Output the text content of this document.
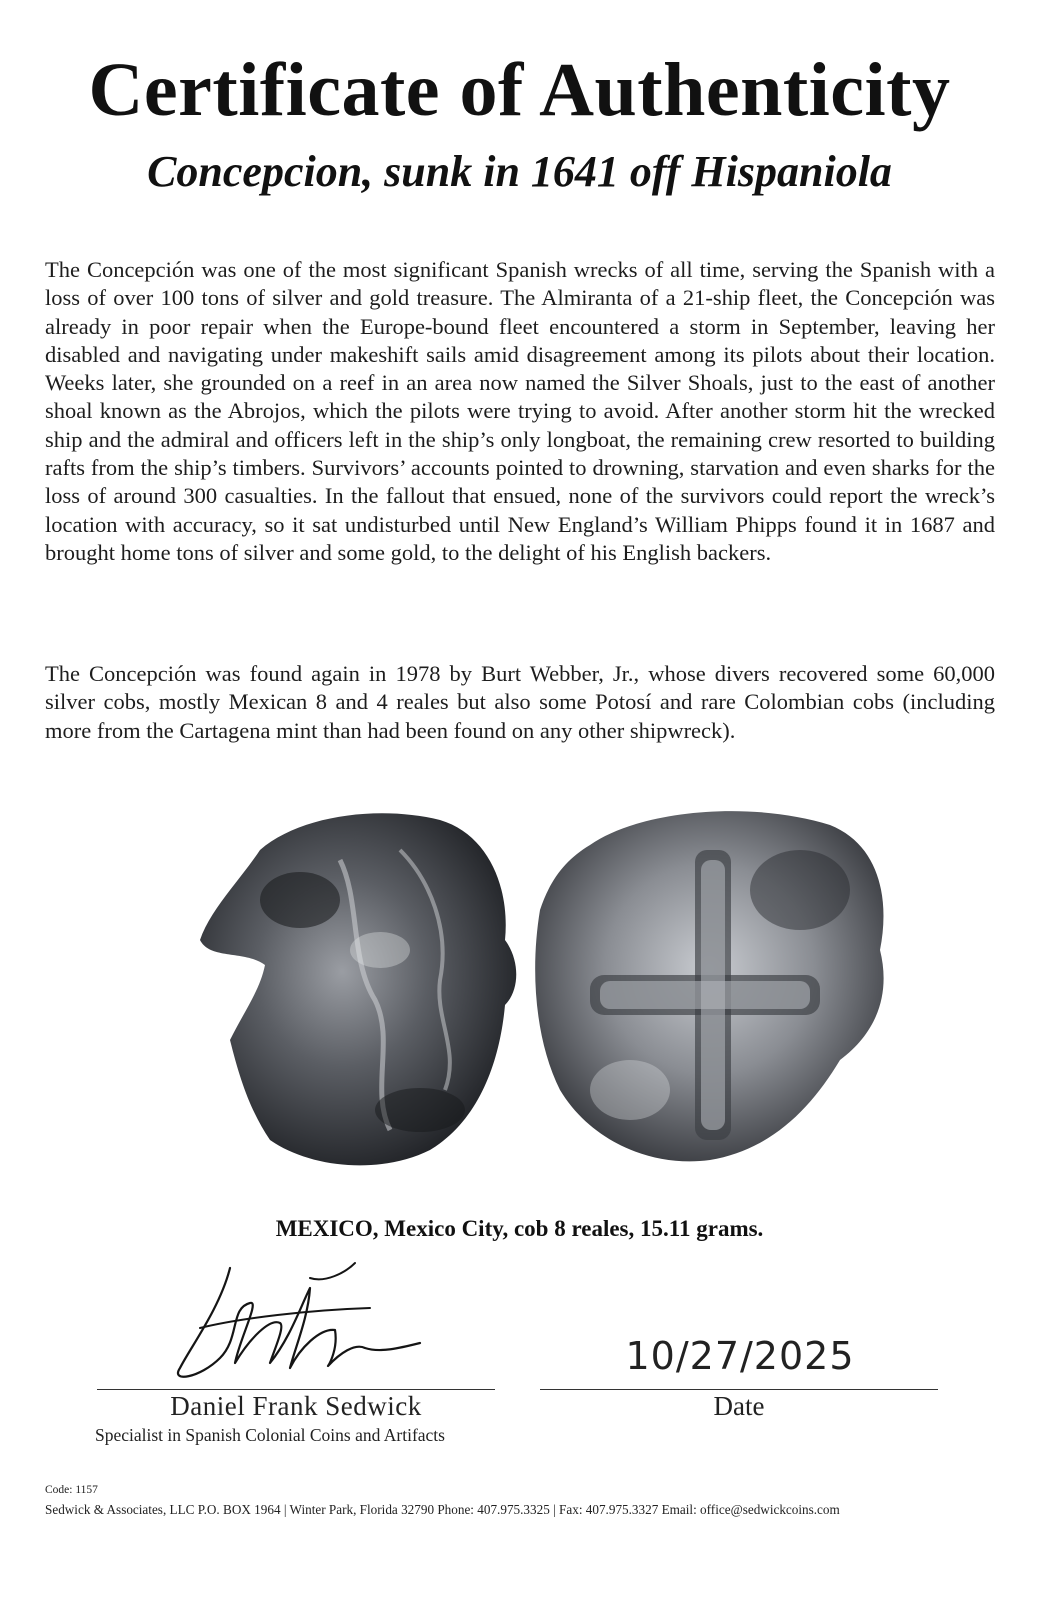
Certificate of Authenticity
Concepcion, sunk in 1641 off Hispaniola

The Concepción was one of the most significant Spanish wrecks of all time, serving the Spanish with a loss of over 100 tons of silver and gold treasure. The Almiranta of a 21-ship fleet, the Concepción was already in poor repair when the Europe-bound fleet encountered a storm in September, leaving her disabled and navigating under makeshift sails amid disagreement among its pilots about their location. Weeks later, she grounded on a reef in an area now named the Silver Shoals, just to the east of another shoal known as the Abrojos, which the pilots were trying to avoid. After another storm hit the wrecked ship and the admiral and officers left in the ship’s only longboat, the remaining crew resorted to building rafts from the ship’s timbers. Survivors’ accounts pointed to drowning, starvation and even sharks for the loss of around 300 casualties. In the fallout that ensued, none of the survivors could report the wreck’s location with accuracy, so it sat undisturbed until New England’s William Phipps found it in 1687 and brought home tons of silver and some gold, to the delight of his English backers.

The Concepción was found again in 1978 by Burt Webber, Jr., whose divers recovered some 60,000 silver cobs, mostly Mexican 8 and 4 reales but also some Potosí and rare Colombian cobs (including more from the Cartagena mint than had been found on any other shipwreck).

MEXICO, Mexico City, cob 8 reales, 15.11 grams.
10/27/2025
Daniel Frank Sedwick	Date
Specialist in Spanish Colonial Coins and Artifacts
Code: 1157
Sedwick & Associates, LLC P.O. BOX 1964 | Winter Park, Florida 32790 Phone: 407.975.3325 | Fax: 407.975.3327 Email: office@sedwickcoins.com
